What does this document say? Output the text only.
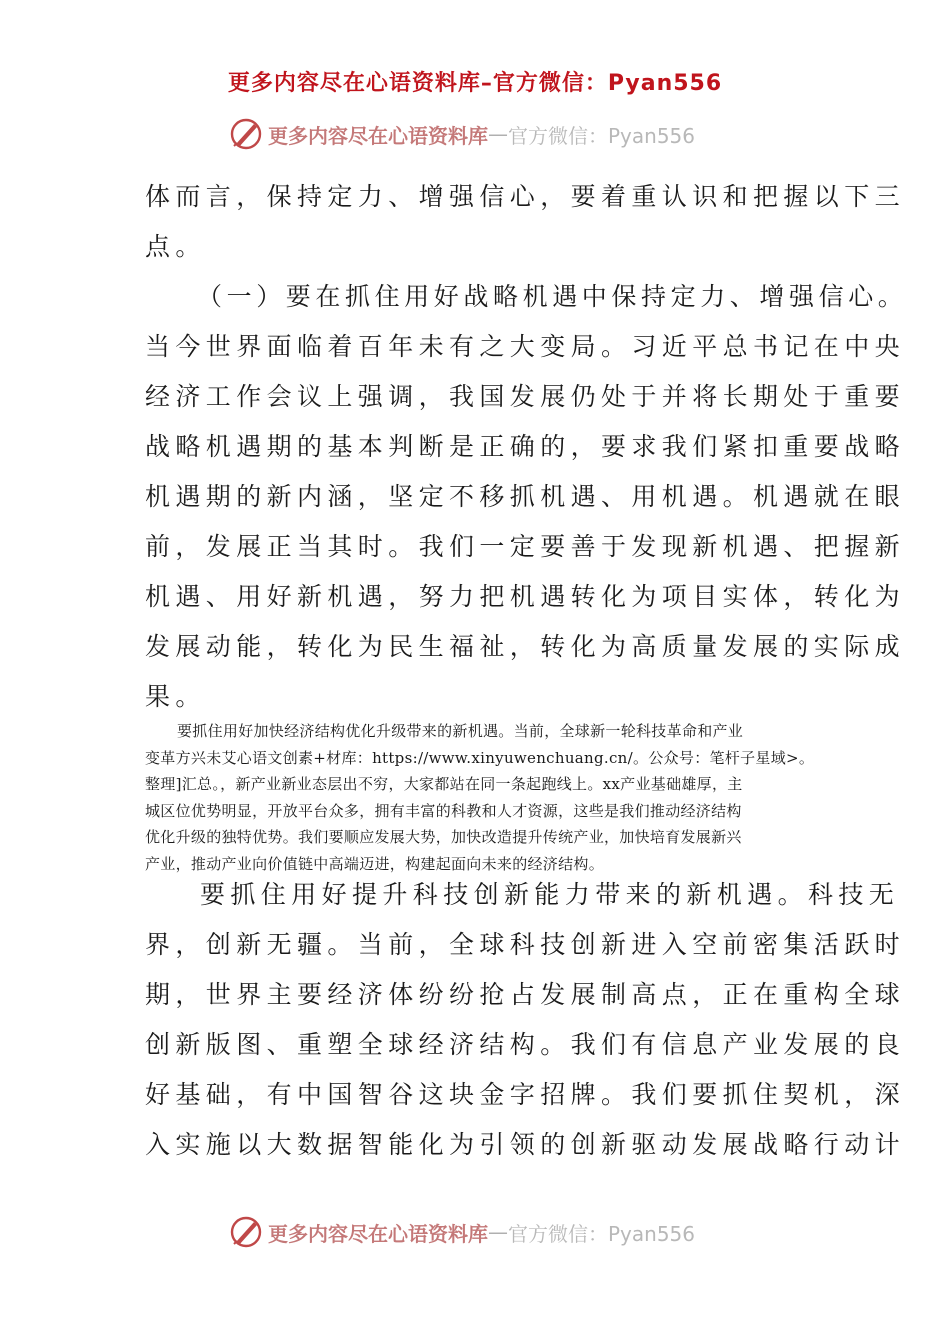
更多内容尽在心语资料库–官方微信：Pyan556
更多内容尽在心语资料库 — 官方微信：Pyan556
体而言，保持定力、增强信心，要着重认识和把握以下三
点。
（一）要在抓住用好战略机遇中保持定力、增强信心。
当今世界面临着百年未有之大变局。习近平总书记在中央
经济工作会议上强调，我国发展仍处于并将长期处于重要
战略机遇期的基本判断是正确的，要求我们紧扣重要战略
机遇期的新内涵，坚定不移抓机遇、用机遇。机遇就在眼
前，发展正当其时。我们一定要善于发现新机遇、把握新
机遇、用好新机遇，努力把机遇转化为项目实体，转化为
发展动能，转化为民生福祉，转化为高质量发展的实际成
果。
要抓住用好加快经济结构优化升级带来的新机遇。当前，全球新一轮科技革命和产业
变革方兴未艾心语文创素+材库：https://www.xinyuwenchuang.cn/。公众号：笔杆子星域>。
整理]汇总。，新产业新业态层出不穷，大家都站在同一条起跑线上。xx产业基础雄厚，主
城区位优势明显，开放平台众多，拥有丰富的科教和人才资源，这些是我们推动经济结构
优化升级的独特优势。我们要顺应发展大势，加快改造提升传统产业，加快培育发展新兴
产业，推动产业向价值链中高端迈进，构建起面向未来的经济结构。
要抓住用好提升科技创新能力带来的新机遇。科技无
界，创新无疆。当前，全球科技创新进入空前密集活跃时
期，世界主要经济体纷纷抢占发展制高点，正在重构全球
创新版图、重塑全球经济结构。我们有信息产业发展的良
好基础，有中国智谷这块金字招牌。我们要抓住契机，深
入实施以大数据智能化为引领的创新驱动发展战略行动计
更多内容尽在心语资料库 — 官方微信：Pyan556
